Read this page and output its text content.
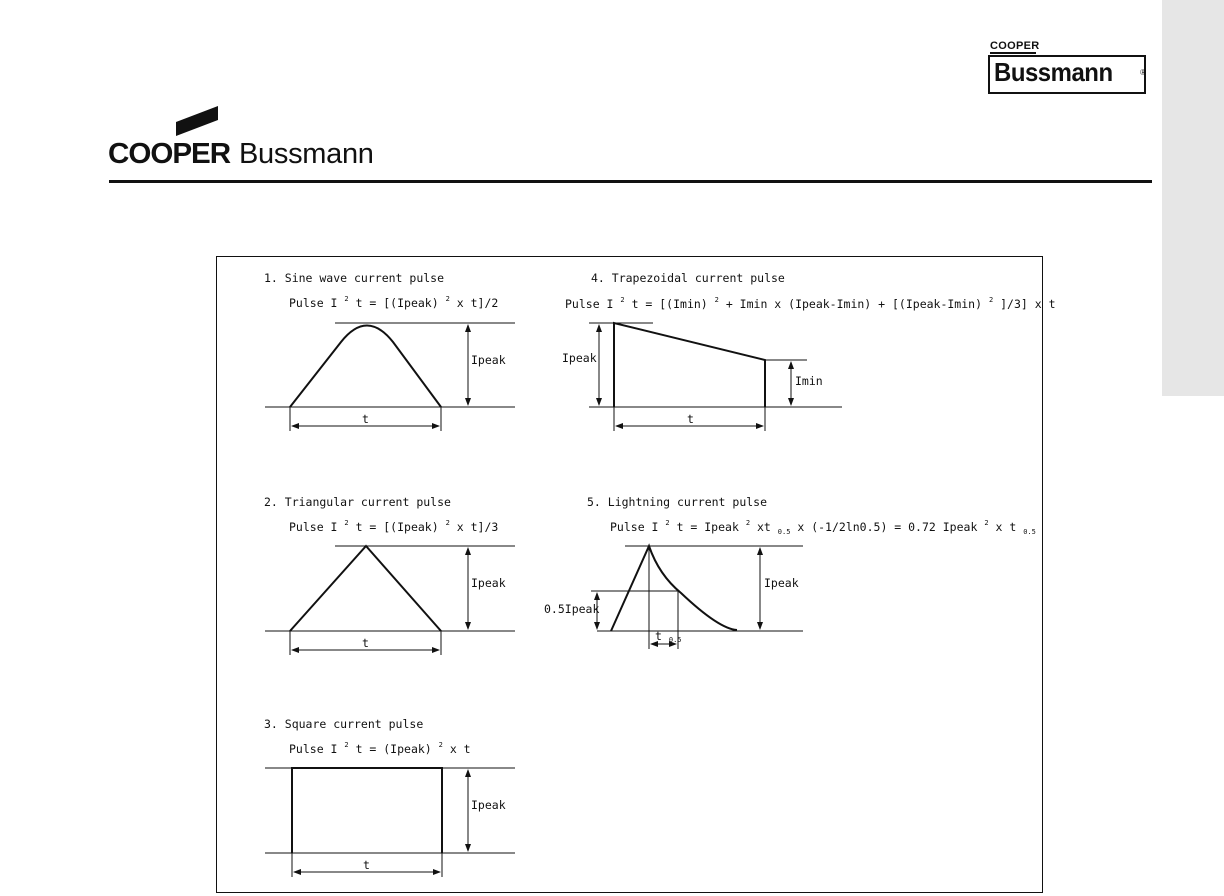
COOPER
Bussmann	®
COOPER Bussmann
1. Sine wave current pulse
Pulse I $^2$ t = [(Ipeak) $^2$ x t]/2
Ipeak
t
2. Triangular current pulse
Pulse I $^2$ t = [(Ipeak) $^2$ x t]/3
Ipeak
t
3. Square current pulse
Pulse I $^2$ t = (Ipeak) $^2$ x t
Ipeak
t
4. Trapezoidal current pulse
Pulse I $^2$ t = [(Imin) $^2$ + Imin x (Ipeak-Imin) + [(Ipeak-Imin) $^2$ ]/3] x t
Ipeak
Imin
t
5. Lightning current pulse
Pulse I $^2$ t = Ipeak $^2$ xt $_{0.5}$ x (-1/2ln0.5) = 0.72 Ipeak $^2$ x t $_{0.5}$
t 0.5
Ipeak
0.5Ipeak
